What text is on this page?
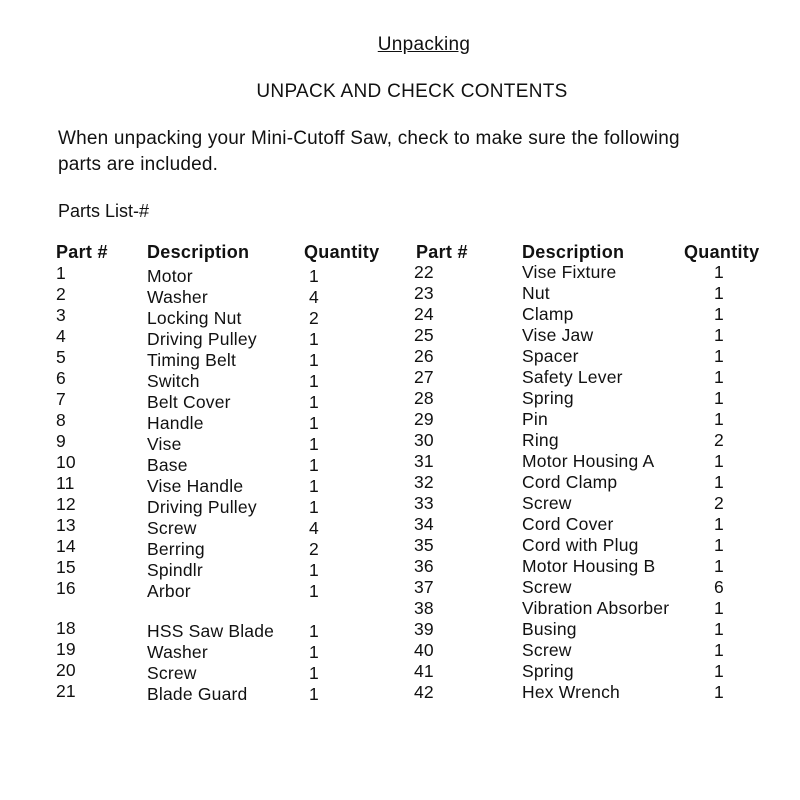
Unpacking
UNPACK AND CHECK CONTENTS
When unpacking your Mini-Cutoff Saw, check to make sure the following
parts are included.
Parts List-#
Part # Description	Quantity Part #	Description	Quantity
1	Motor	1
2	Washer	4
3	Locking Nut	2
4	Driving Pulley	1
5	Timing Belt	1
6	Switch	1
7	Belt Cover	1
8	Handle	1
9	Vise	1
10	Base	1
11	Vise Handle	1
12	Driving Pulley	1
13	Screw	4
14	Berring	2
15	Spindlr	1
16	Arbor	1
18	HSS Saw Blade 1
19	Washer	1
20	Screw	1
21	Blade Guard	1
22	Vise Fixture	1
23	Nut	1
24	Clamp	1
25	Vise Jaw	1
26	Spacer	1
27	Safety Lever	1
28	Spring	1
29	Pin	1
30	Ring	2
31	Motor Housing A	1
32	Cord Clamp	1
33	Screw	2
34	Cord Cover	1
35	Cord with Plug	1
36	Motor Housing B	1
37	Screw	6
38	Vibration Absorber	1
39	Busing	1
40	Screw	1
41	Spring	1
42	Hex Wrench	1
